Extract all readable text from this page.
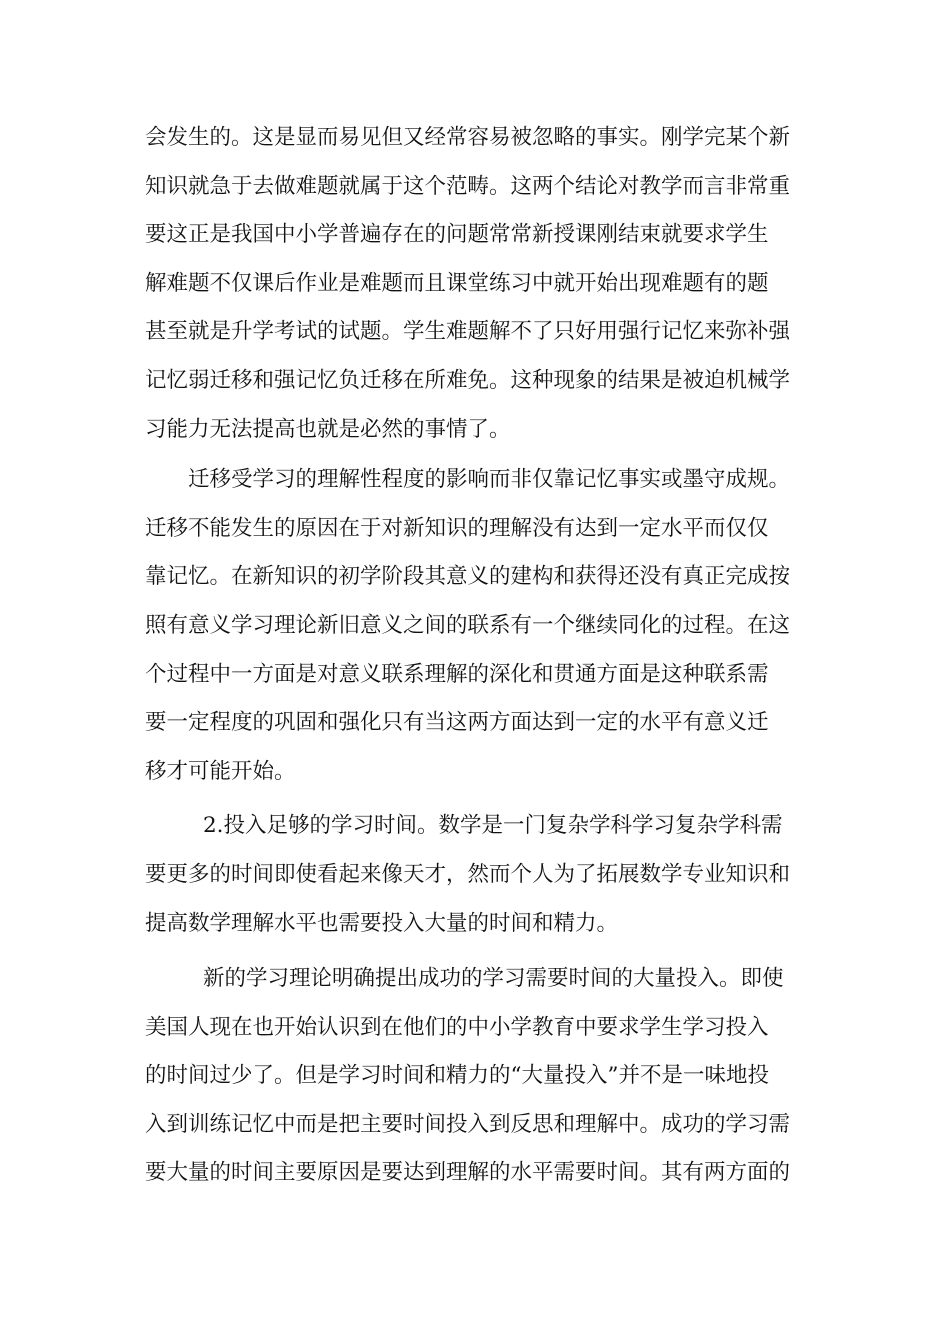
会发生的。这是显而易见但又经常容易被忽略的事实。刚学完某个新
知识就急于去做难题就属于这个范畴。这两个结论对教学而言非常重
要这正是我国中小学普遍存在的问题常常新授课刚结束就要求学生
解难题不仅课后作业是难题而且课堂练习中就开始出现难题有的题
甚至就是升学考试的试题。学生难题解不了只好用强行记忆来弥补强
记忆弱迁移和强记忆负迁移在所难免。这种现象的结果是被迫机械学
习能力无法提高也就是必然的事情了。
迁移受学习的理解性程度的影响而非仅靠记忆事实或墨守成规。
迁移不能发生的原因在于对新知识的理解没有达到一定水平而仅仅
靠记忆。在新知识的初学阶段其意义的建构和获得还没有真正完成按
照有意义学习理论新旧意义之间的联系有一个继续同化的过程。在这
个过程中一方面是对意义联系理解的深化和贯通方面是这种联系需
要一定程度的巩固和强化只有当这两方面达到一定的水平有意义迁
移才可能开始。
2.投入足够的学习时间。数学是一门复杂学科学习复杂学科需
要更多的时间即使看起来像天才，然而个人为了拓展数学专业知识和
提高数学理解水平也需要投入大量的时间和精力。
新的学习理论明确提出成功的学习需要时间的大量投入。即使
美国人现在也开始认识到在他们的中小学教育中要求学生学习投入
的时间过少了。但是学习时间和精力的“大量投入”并不是一味地投
入到训练记忆中而是把主要时间投入到反思和理解中。成功的学习需
要大量的时间主要原因是要达到理解的水平需要时间。其有两方面的
